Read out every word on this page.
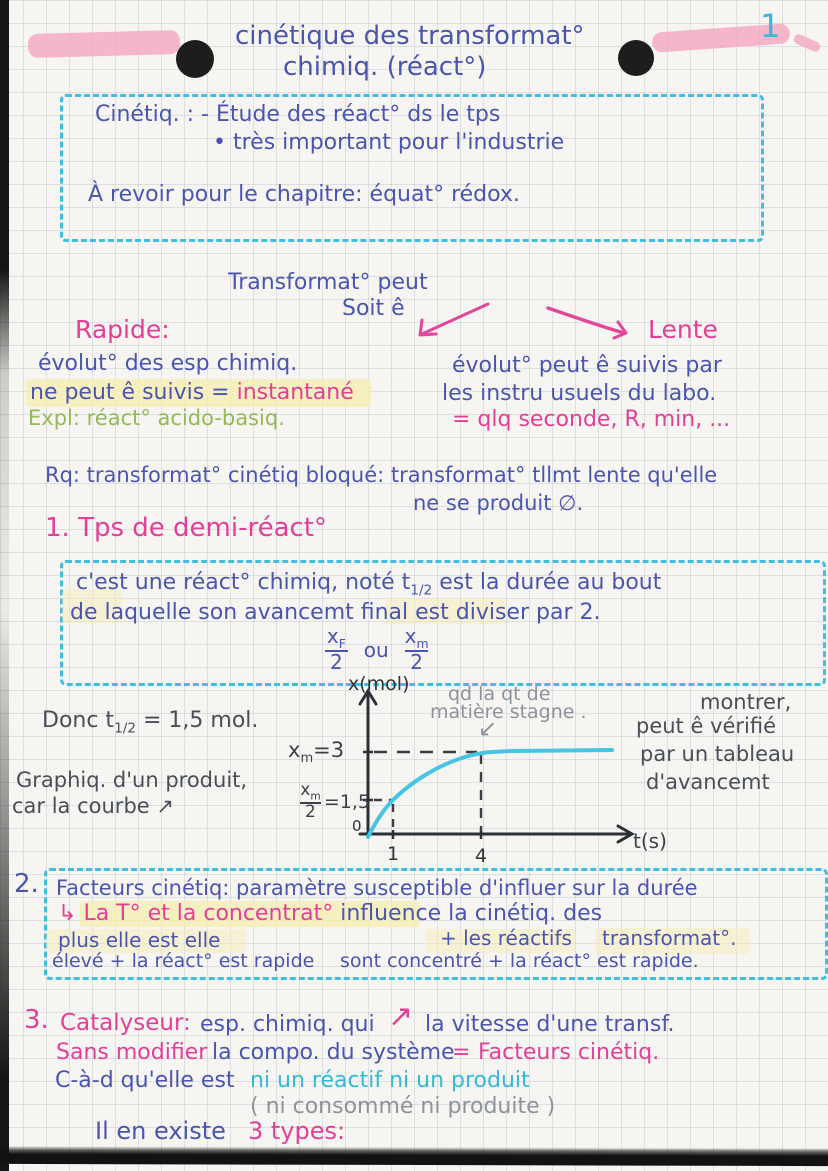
cinétique des transformat°
chimiq. (réact°)
1
Cinétiq. : - Étude des réact° ds le tps
• très important pour l'industrie
À revoir pour le chapitre: équat° rédox.
Transformat° peut
Soit ê
Rapide:	Lente
évolut° des esp chimiq.
ne peut ê suivis = instantané
Expl: réact° acido-basiq.
évolut° peut ê suivis par
les instru usuels du labo.
= qlq seconde, R, min, ...
Rq: transformat° cinétiq bloqué: transformat° tllmt lente qu'elle
ne se produit ∅.
1. Tps de demi-réact°
c'est une réact° chimiq, noté $t_{1/2}$ est la durée au bout
de laquelle son avancemt final est diviser par 2.
$x_F$
2
ou
$x_m$
2
x(mol)
0
1	4
t(s)
$x_m=3$
$\frac{x_m}{2} =1,5$
qd la qt de
matière stagne .
↙
Donc $t_{1/2} = 1,5$ mol.
Graphiq. d'un produit,
car la courbe ↗
montrer,
peut ê vérifié
par un tableau
d'avancemt
2. Facteurs cinétiq: paramètre susceptible d'influer sur la durée
↳ La T° et la concentrat° influence la cinétiq. des
plus elle est elle	+ les réactifs transformat°.
élevé + la réact° est rapide sont concentré + la réact° est rapide.
3. Catalyseur: esp. chimiq. qui ↗ la vitesse d'une transf.
Sans modifier la compo. du système
= Facteurs cinétiq.
C-à-d qu'elle est ni un réactif ni un produit
( ni consommé ni produite )
Il en existe 3 types:
